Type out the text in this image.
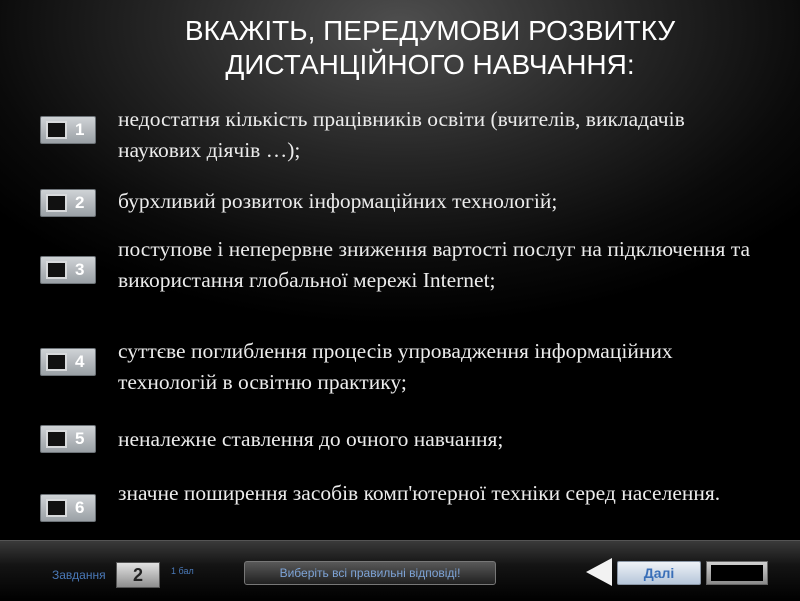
ВКАЖІТЬ, ПЕРЕДУМОВИ РОЗВИТКУ
ДИСТАНЦІЙНОГО НАВЧАННЯ:
1 недостатня кількість працівників освіти (вчителів, викладачів наукових діячів …);
2 бурхливий розвиток інформаційних технологій;
3
поступове і неперервне зниження вартості послуг на підключення та використання глобальної мережі Internet;
4 суттєве поглиблення процесів упровадження інформаційних технологій в освітню практику;
5 неналежне ставлення до очного навчання;
6
значне поширення засобів комп'ютерної техніки серед населення.
Завдання	2	1 бал	Виберіть всі правильні відповіді!	Далі
